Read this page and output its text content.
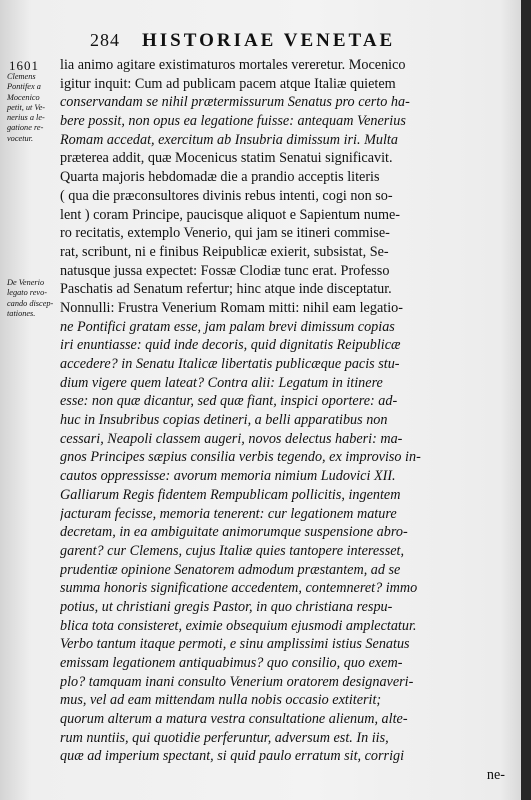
284 HISTORIAE VENETAE
1601
Clemens
Pontifex a
Mocenico
petit, ut Ve-
nerius a le-
gatione re-
vocetur.
De Venerio
legato revo-
cando discep-
tationes.
lia animo agitare existimaturos mortales vereretur. Mocenico
igitur inquit: Cum ad publicam pacem atque Italiæ quietem
conservandam se nihil prætermissurum Senatus pro certo ha-
bere possit, non opus ea legatione fuisse: antequam Venerius
Romam accedat, exercitum ab Insubria dimissum iri. Multa
præterea addit, quæ Mocenicus statim Senatui significavit.
Quarta majoris hebdomadæ die a prandio acceptis literis
( qua die præconsultores divinis rebus intenti, cogi non so-
lent ) coram Principe, paucisque aliquot e Sapientum nume-
ro recitatis, extemplo Venerio, qui jam se itineri commise-
rat, scribunt, ni e finibus Reipublicæ exierit, subsistat, Se-
natusque jussa expectet: Fossæ Clodiæ tunc erat. Professo
Paschatis ad Senatum refertur; hinc atque inde disceptatur.
Nonnulli: Frustra Venerium Romam mitti: nihil eam legatio-
ne Pontifici gratam esse, jam palam brevi dimissum copias
iri enuntiasse: quid inde decoris, quid dignitatis Reipublicæ
accedere? in Senatu Italicæ libertatis publicæque pacis stu-
dium vigere quem lateat? Contra alii: Legatum in itinere
esse: non quæ dicantur, sed quæ fiant, inspici oportere: ad-
huc in Insubribus copias detineri, a belli apparatibus non
cessari, Neapoli classem augeri, novos delectus haberi: ma-
gnos Principes sæpius consilia verbis tegendo, ex improviso in-
cautos oppressisse: avorum memoria nimium Ludovici XII.
Galliarum Regis fidentem Rempublicam pollicitis, ingentem
jacturam fecisse, memoria tenerent: cur legationem mature
decretam, in ea ambiguitate animorumque suspensione abro-
garent? cur Clemens, cujus Italiæ quies tantopere interesset,
prudentiæ opinione Senatorem admodum præstantem, ad se
summa honoris significatione accedentem, contemneret? immo
potius, ut christiani gregis Pastor, in quo christiana respu-
blica tota consisteret, eximie obsequium ejusmodi amplectatur.
Verbo tantum itaque permoti, e sinu amplissimi istius Senatus
emissam legationem antiquabimus? quo consilio, quo exem-
plo? tamquam inani consulto Venerium oratorem designaveri-
mus, vel ad eam mittendam nulla nobis occasio extiterit;
quorum alterum a matura vestra consultatione alienum, alte-
rum nuntiis, qui quotidie perferuntur, adversum est. In iis,
quæ ad imperium spectant, si quid paulo erratum sit, corrigi
ne-
